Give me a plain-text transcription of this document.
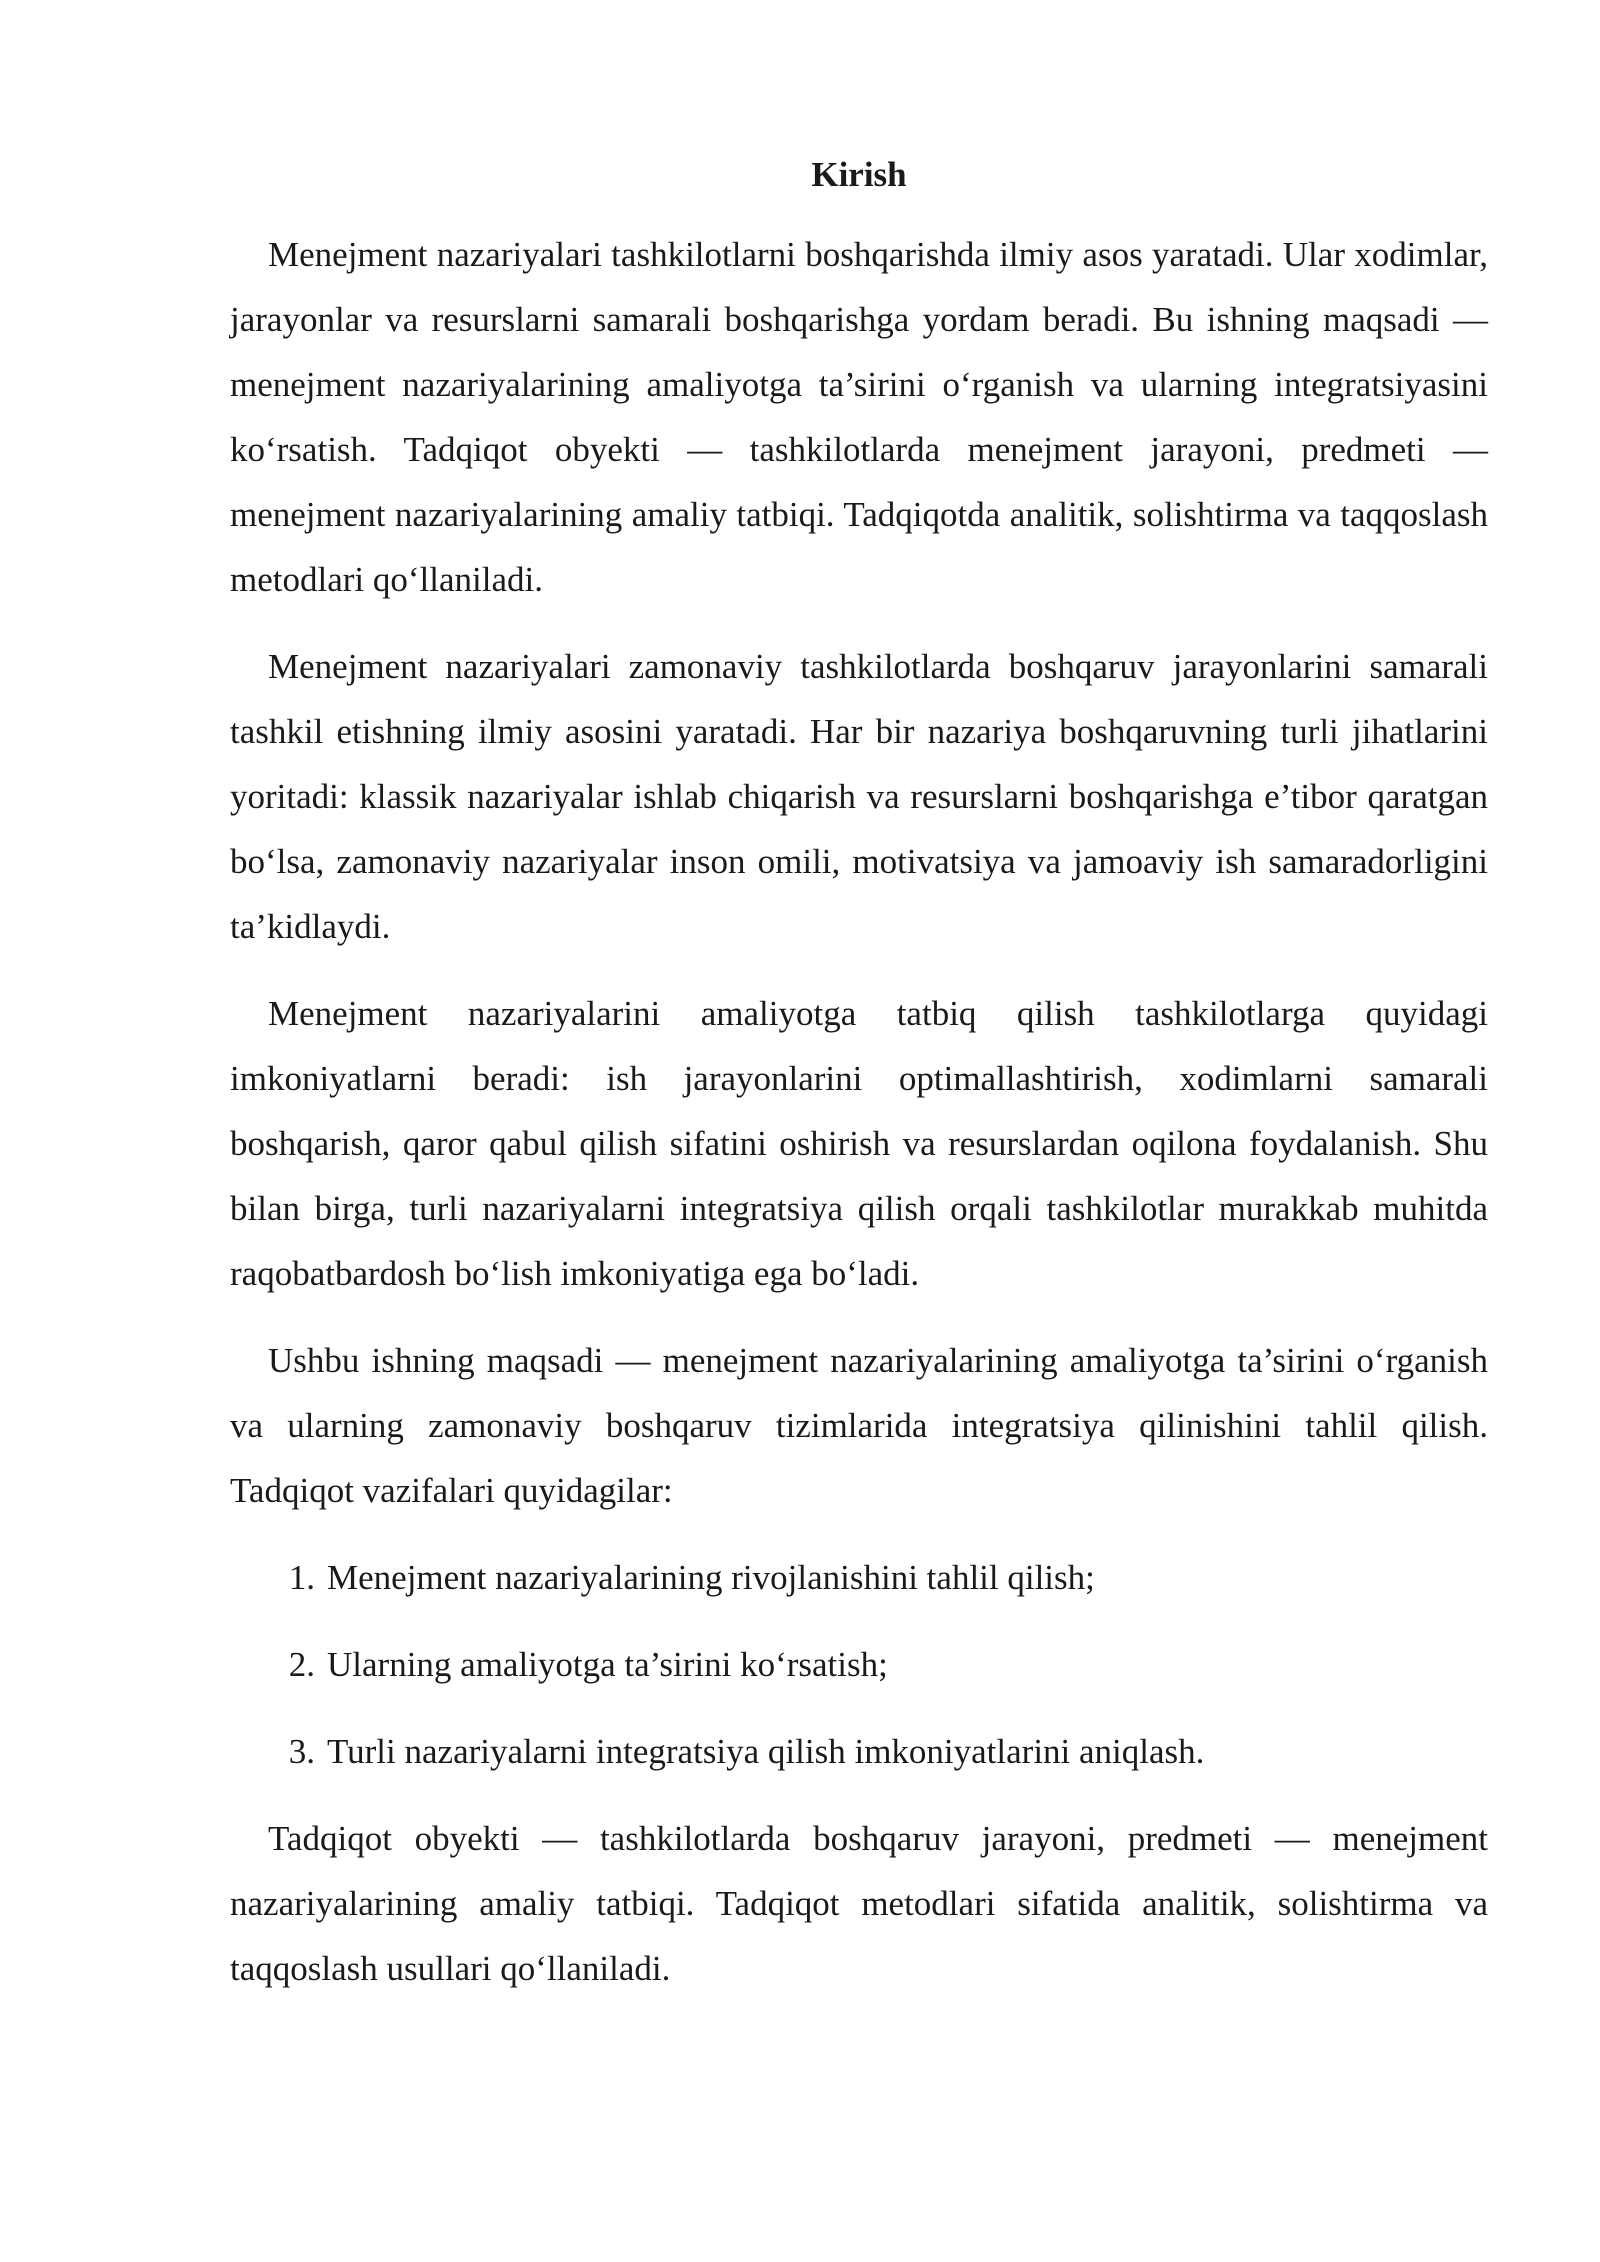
Kirish

Menejment nazariyalari tashkilotlarni boshqarishda ilmiy asos yaratadi. Ular xodimlar, jarayonlar va resurslarni samarali boshqarishga yordam beradi. Bu ishning maqsadi — menejment nazariyalarining amaliyotga ta’sirini o‘rganish va ularning integratsiyasini ko‘rsatish. Tadqiqot obyekti — tashkilotlarda menejment jarayoni, predmeti — menejment nazariyalarining amaliy tatbiqi. Tadqiqotda analitik, solishtirma va taqqoslash metodlari qo‘llaniladi.

Menejment nazariyalari zamonaviy tashkilotlarda boshqaruv jarayonlarini samarali tashkil etishning ilmiy asosini yaratadi. Har bir nazariya boshqaruvning turli jihatlarini yoritadi: klassik nazariyalar ishlab chiqarish va resurslarni boshqarishga e’tibor qaratgan bo‘lsa, zamonaviy nazariyalar inson omili, motivatsiya va jamoaviy ish samaradorligini ta’kidlaydi.

Menejment nazariyalarini amaliyotga tatbiq qilish tashkilotlarga quyidagi imkoniyatlarni beradi: ish jarayonlarini optimallashtirish, xodimlarni samarali boshqarish, qaror qabul qilish sifatini oshirish va resurslardan oqilona foydalanish. Shu bilan birga, turli nazariyalarni integratsiya qilish orqali tashkilotlar murakkab muhitda raqobatbardosh bo‘lish imkoniyatiga ega bo‘ladi.

Ushbu ishning maqsadi — menejment nazariyalarining amaliyotga ta’sirini o‘rganish va ularning zamonaviy boshqaruv tizimlarida integratsiya qilinishini tahlil qilish. Tadqiqot vazifalari quyidagilar:

1. Menejment nazariyalarining rivojlanishini tahlil qilish;
2. Ularning amaliyotga ta’sirini ko‘rsatish;
3. Turli nazariyalarni integratsiya qilish imkoniyatlarini aniqlash.

Tadqiqot obyekti — tashkilotlarda boshqaruv jarayoni, predmeti — menejment nazariyalarining amaliy tatbiqi. Tadqiqot metodlari sifatida analitik, solishtirma va taqqoslash usullari qo‘llaniladi.
